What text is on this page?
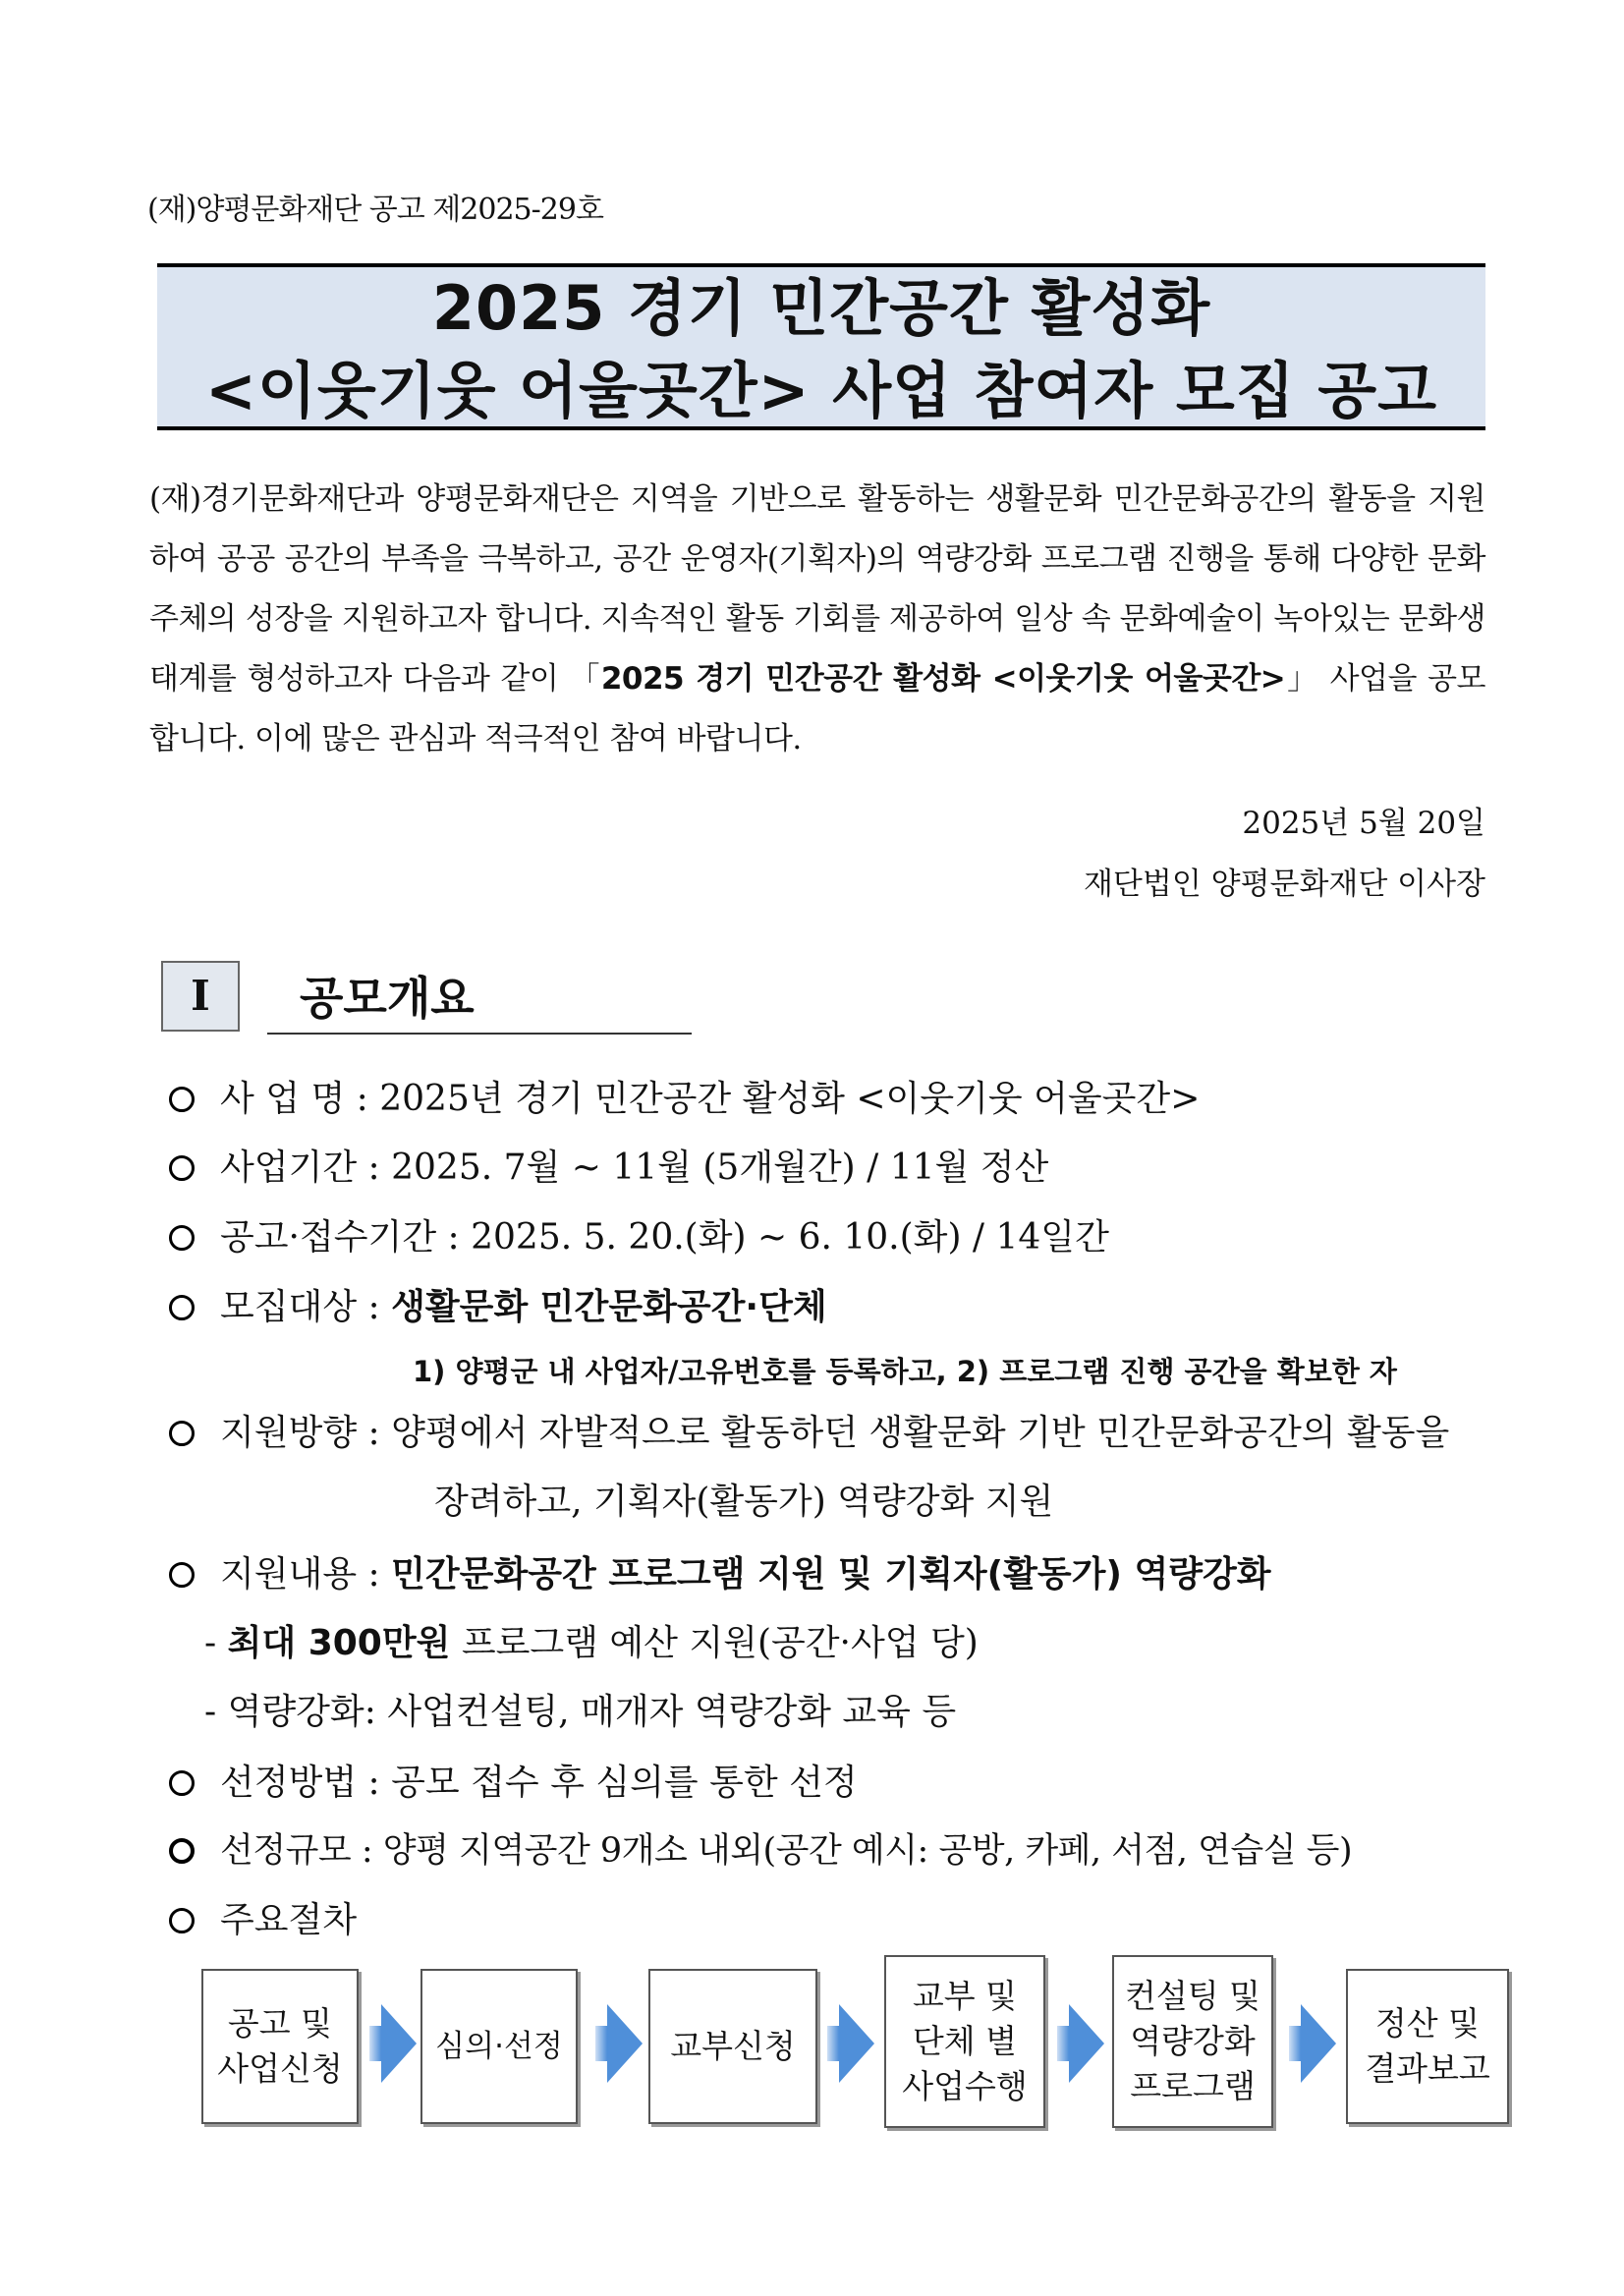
(재)양평문화재단 공고 제2025-29호
2025 경기 민간공간 활성화
<이웃기웃 어울곳간> 사업 참여자 모집 공고
(재)경기문화재단과 양평문화재단은 지역을 기반으로 활동하는 생활문화 민간문화공간의 활동을 지원하여 공공 공간의 부족을 극복하고, 공간 운영자(기획자)의 역량강화 프로그램 진행을 통해 다양한 문화주체의 성장을 지원하고자 합니다. 지속적인 활동 기회를 제공하여 일상 속 문화예술이 녹아있는 문화생태계를 형성하고자 다음과 같이 「2025 경기 민간공간 활성화 <이웃기웃 어울곳간>」 사업을 공모합니다. 이에 많은 관심과 적극적인 참여 바랍니다.
2025년 5월 20일
재단법인 양평문화재단 이사장
I	공모개요
사 업 명 : 2025년 경기 민간공간 활성화 <이웃기웃 어울곳간>
사업기간 : 2025. 7월 ~ 11월 (5개월간) / 11월 정산
공고·접수기간 : 2025. 5. 20.(화) ~ 6. 10.(화) / 14일간
모집대상 : 생활문화 민간문화공간·단체
1) 양평군 내 사업자/고유번호를 등록하고, 2) 프로그램 진행 공간을 확보한 자
지원방향 : 양평에서 자발적으로 활동하던 생활문화 기반 민간문화공간의 활동을
장려하고, 기획자(활동가) 역량강화 지원
지원내용 : 민간문화공간 프로그램 지원 및 기획자(활동가) 역량강화
- 최대 300만원 프로그램 예산 지원(공간·사업 당)
- 역량강화: 사업컨설팅, 매개자 역량강화 교육 등
선정방법 : 공모 접수 후 심의를 통한 선정
선정규모 : 양평 지역공간 9개소 내외(공간 예시: 공방, 카페, 서점, 연습실 등)
주요절차
공고 및
사업신청
심의·선정	교부신청
교부 및
단체 별
사업수행
컨설팅 및
역량강화
프로그램
정산 및
결과보고
